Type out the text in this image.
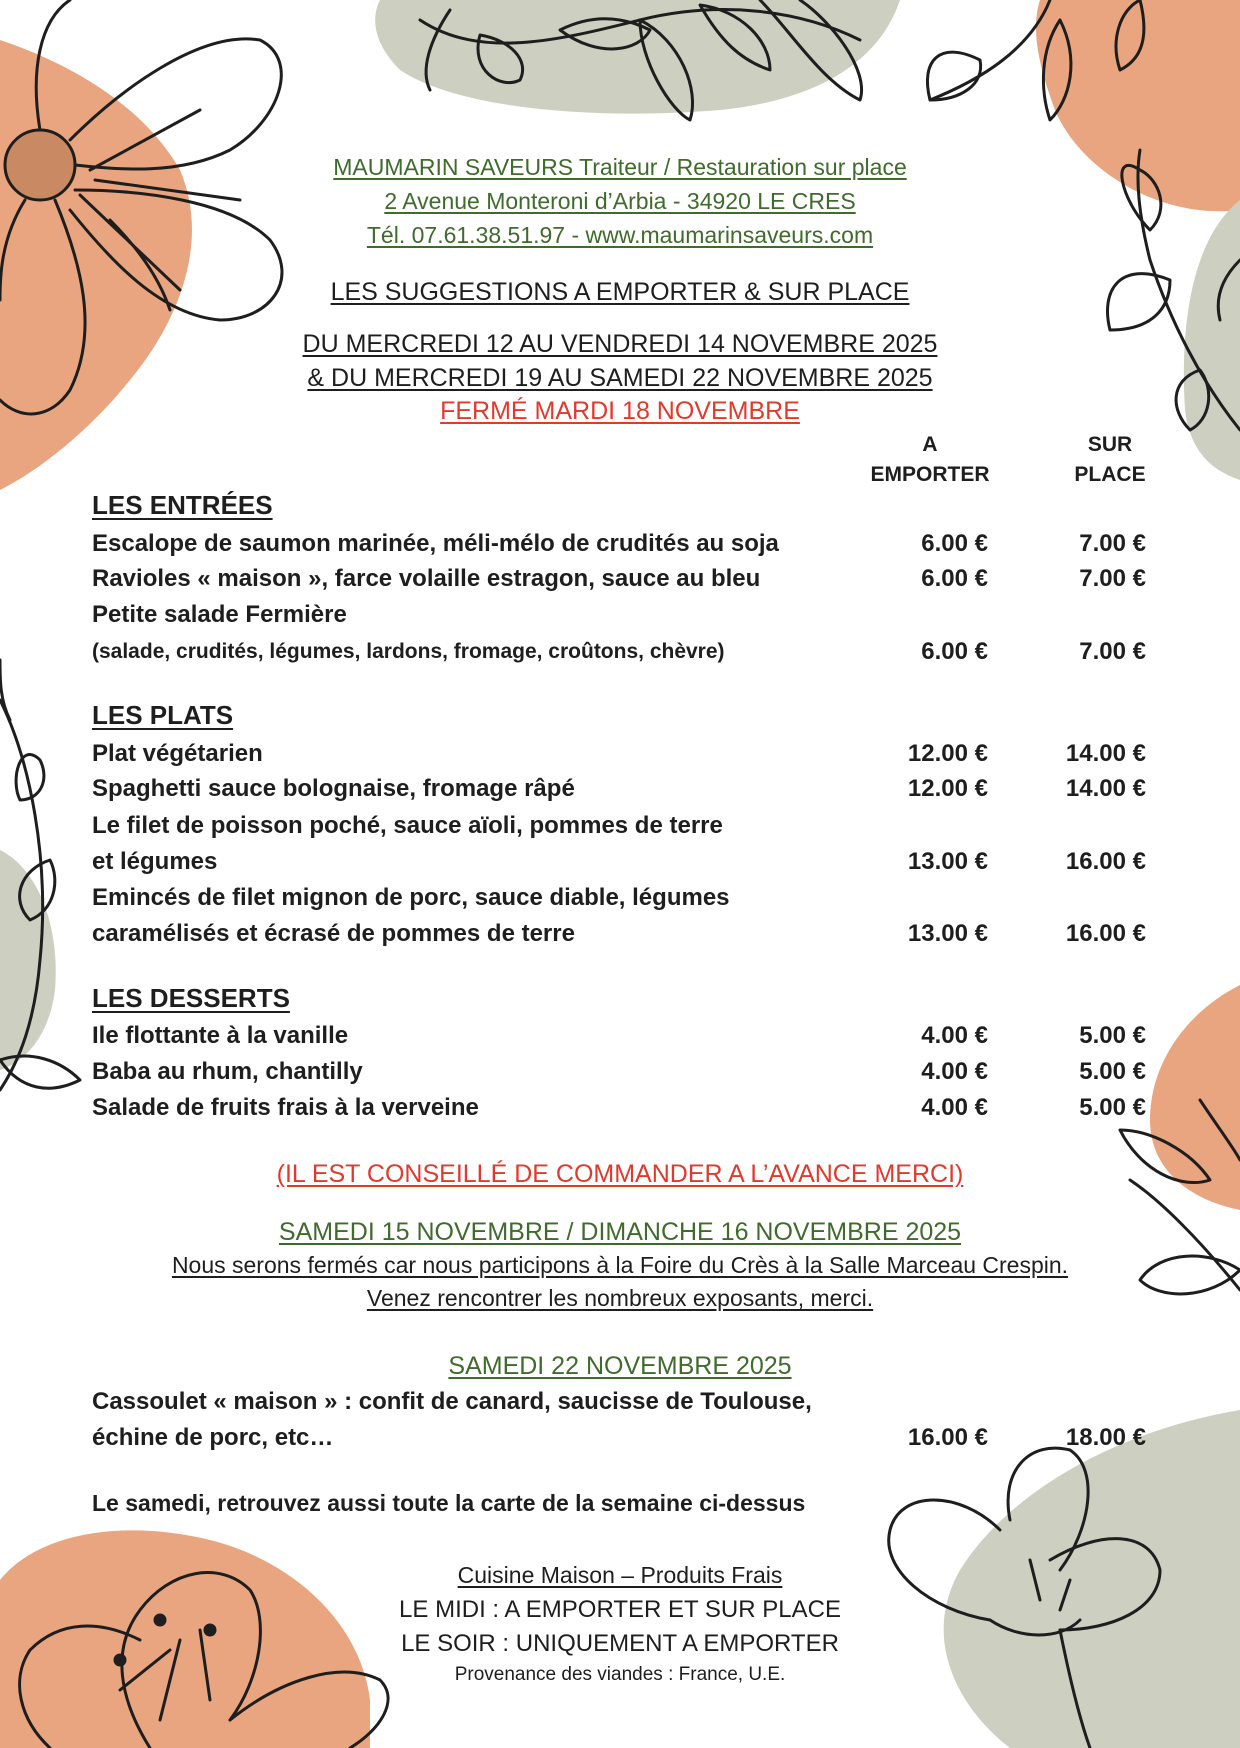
MAUMARIN SAVEURS Traiteur / Restauration sur place
2 Avenue Monteroni d’Arbia - 34920 LE CRES
Tél. 07.61.38.51.97 - www.maumarinsaveurs.com
LES SUGGESTIONS A EMPORTER & SUR PLACE
DU MERCREDI 12 AU VENDREDI 14 NOVEMBRE 2025
& DU MERCREDI 19 AU SAMEDI 22 NOVEMBRE 2025
FERMÉ MARDI 18 NOVEMBRE
A
EMPORTER
SUR
PLACE
LES ENTRÉES
Escalope de saumon marinée, méli-mélo de crudités au soja	6.00 €	7.00 €
Ravioles « maison », farce volaille estragon, sauce au bleu	6.00 €	7.00 €
Petite salade Fermière
(salade, crudités, légumes, lardons, fromage, croûtons, chèvre)	6.00 €	7.00 €
LES PLATS
Plat végétarien	12.00 €	14.00 €
Spaghetti sauce bolognaise, fromage râpé	12.00 €	14.00 €
Le filet de poisson poché, sauce aïoli, pommes de terre
et légumes	13.00 €	16.00 €
Emincés de filet mignon de porc, sauce diable, légumes
caramélisés et écrasé de pommes de terre	13.00 €	16.00 €
LES DESSERTS
Ile flottante à la vanille	4.00 €	5.00 €
Baba au rhum, chantilly	4.00 €	5.00 €
Salade de fruits frais à la verveine	4.00 €	5.00 €
(IL EST CONSEILLÉ DE COMMANDER A L’AVANCE MERCI)
SAMEDI 15 NOVEMBRE / DIMANCHE 16 NOVEMBRE 2025
Nous serons fermés car nous participons à la Foire du Crès à la Salle Marceau Crespin.
Venez rencontrer les nombreux exposants, merci.
SAMEDI 22 NOVEMBRE 2025
Cassoulet « maison » : confit de canard, saucisse de Toulouse,
échine de porc, etc…	16.00 €	18.00 €
Le samedi, retrouvez aussi toute la carte de la semaine ci-dessus
Cuisine Maison – Produits Frais
LE MIDI : A EMPORTER ET SUR PLACE
LE SOIR : UNIQUEMENT A EMPORTER
Provenance des viandes : France, U.E.
